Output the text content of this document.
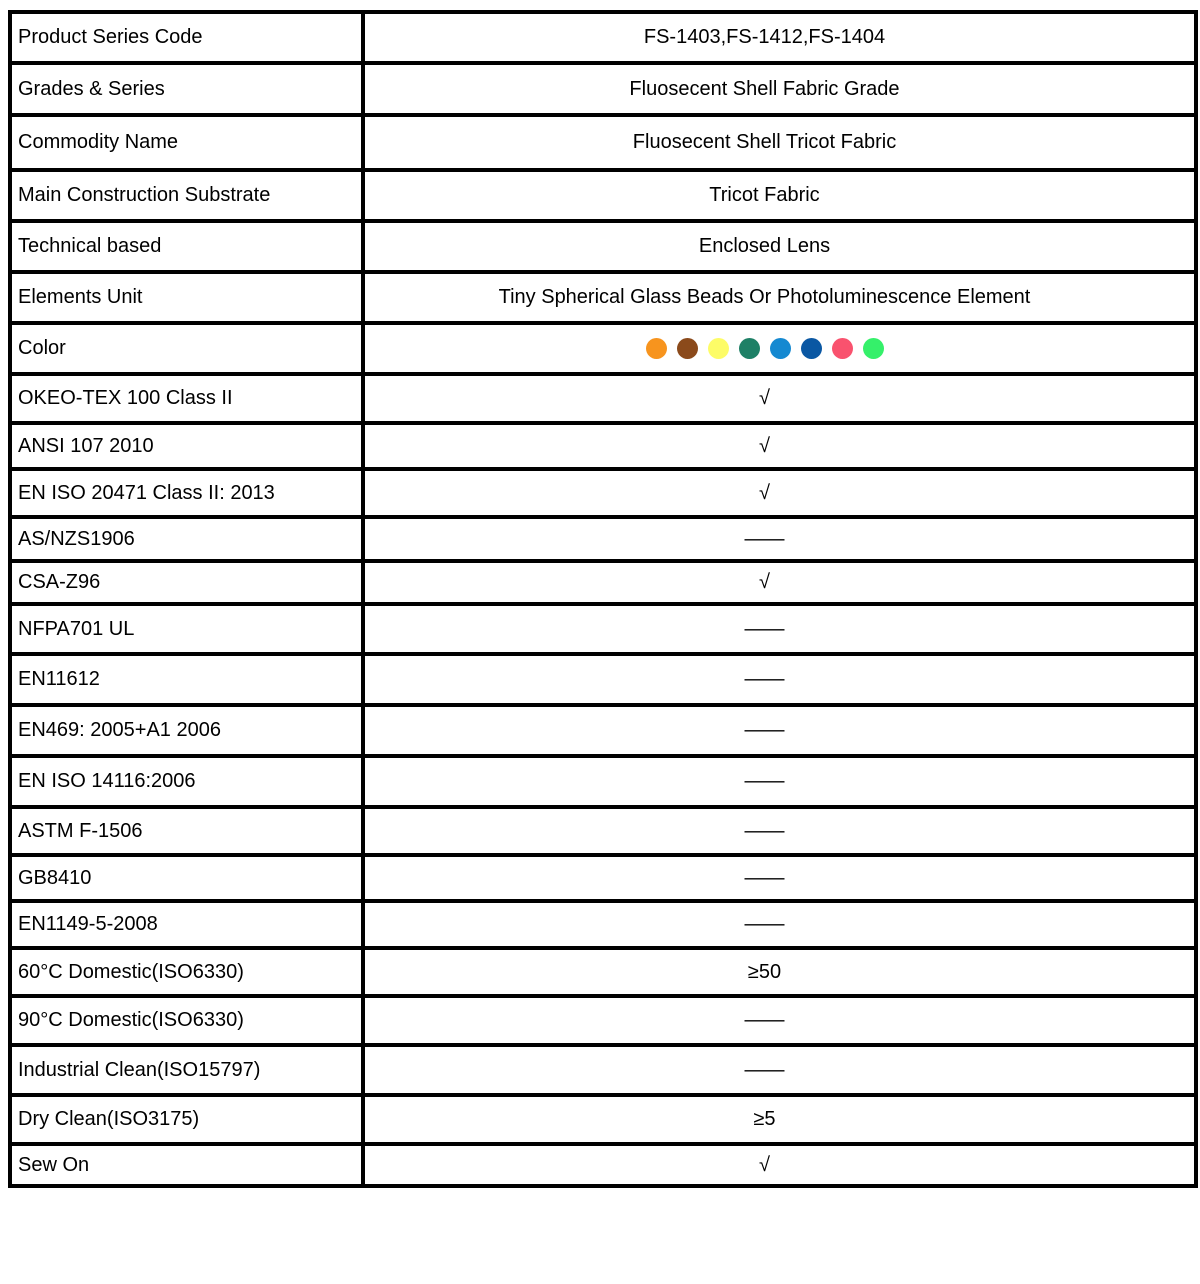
Product Series Code	FS-1403,FS-1412,FS-1404
Grades & Series	Fluosecent Shell Fabric Grade
Commodity Name	Fluosecent Shell Tricot Fabric
Main Construction Substrate	Tricot Fabric
Technical based	Enclosed Lens
Elements Unit	Tiny Spherical Glass Beads Or Photoluminescence Element
Color	

OKEO-TEX 100 Class II	√
ANSI 107 2010	√
EN ISO 20471 Class II: 2013	√
AS/NZS1906	——
CSA-Z96	√
NFPA701 UL	——
EN11612	——
EN469: 2005+A1 2006	——
EN ISO 14116:2006	——
ASTM F-1506	——
GB8410	——
EN1149-5-2008	——
60°C Domestic(ISO6330)	≥50
90°C Domestic(ISO6330)	——
Industrial Clean(ISO15797)	——
Dry Clean(ISO3175)	≥5
Sew On	√
